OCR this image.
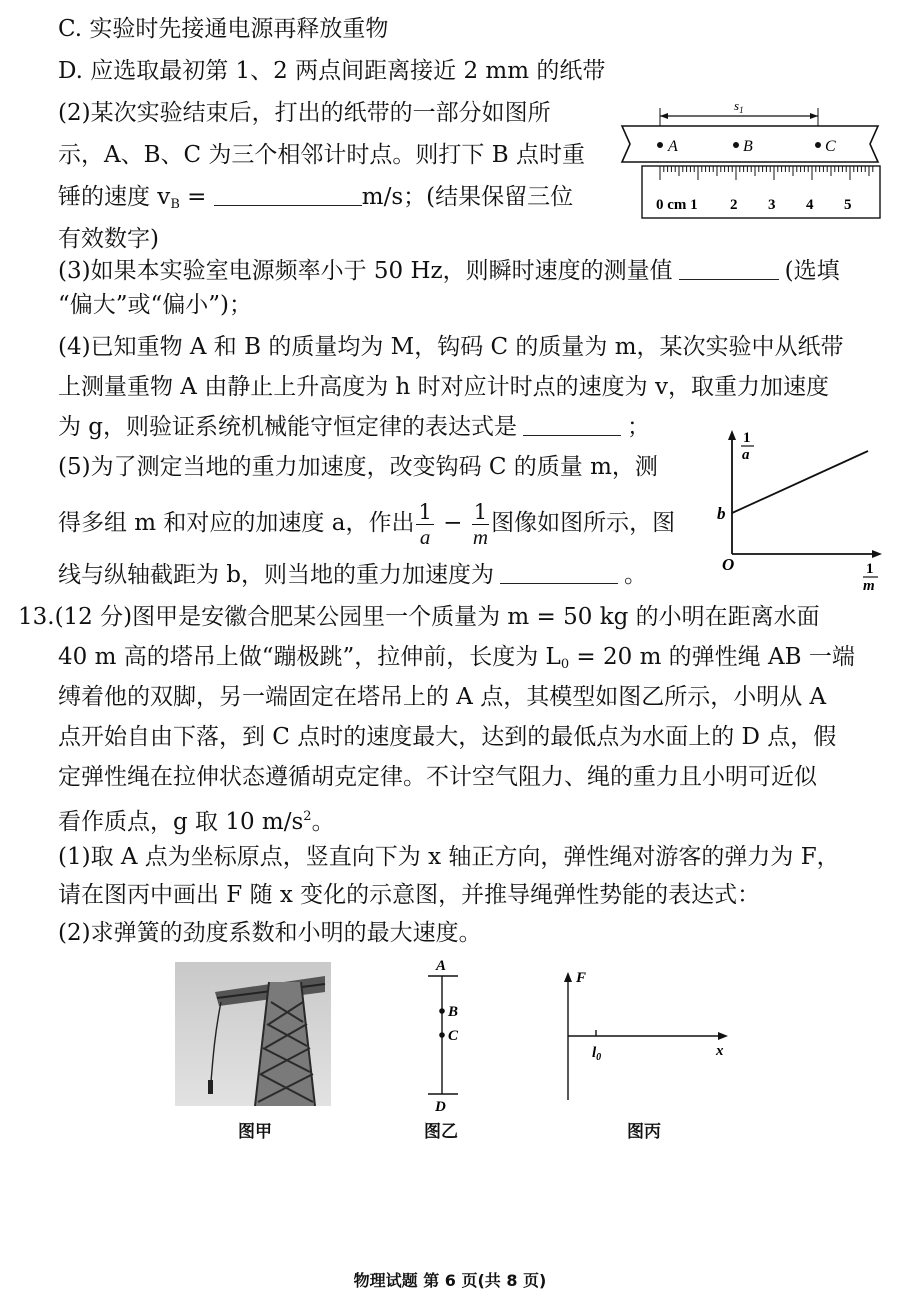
C. 实验时先接通电源再释放重物
D. 应选取最初第 1、2 两点间距离接近 2 mm 的纸带
(2)某次实验结束后，打出的纸带的一部分如图所
示，A、B、C 为三个相邻计时点。则打下 B 点时重
锤的速度 $v_B$ =	m/s；(结果保留三位
有效数字)
$s_1$
A	B	C
0 cm 1 2 3 4 5
(3)如果本实验室电源频率小于 50 Hz，则瞬时速度的测量值	(选填
“偏大”或“偏小”)；
(4)已知重物 A 和 B 的质量均为 M，钩码 C 的质量为 m，某次实验中从纸带
上测量重物 A 由静止上升高度为 h 时对应计时点的速度为 v，取重力加速度
为 g，则验证系统机械能守恒定律的表达式是	；
(5)为了测定当地的重力加速度，改变钩码 C 的质量 m，测
得多组 m 和对应的加速度 a，作出 $\frac{1}{a} - \frac{1}{m}$ 图像如图所示，图
线与纵轴截距为 b，则当地的重力加速度为	。
1
a
b
O	1
m
13.(12 分)图甲是安徽合肥某公园里一个质量为 m = 50 kg 的小明在距离水面
40 m 高的塔吊上做“蹦极跳”，拉伸前，长度为 $L_0 = 20$ m 的弹性绳 AB 一端
缚着他的双脚，另一端固定在塔吊上的 A 点，其模型如图乙所示，小明从 A
点开始自由下落，到 C 点时的速度最大，达到的最低点为水面上的 D 点，假
定弹性绳在拉伸状态遵循胡克定律。不计空气阻力、绳的重力且小明可近似
看作质点，g 取 10 $m/s^2$。
(1)取 A 点为坐标原点，竖直向下为 x 轴正方向，弹性绳对游客的弹力为 F，
请在图丙中画出 F 随 x 变化的示意图，并推导绳弹性势能的表达式：
(2)求弹簧的劲度系数和小明的最大速度。
图甲
A
B
C
D
图乙
F
x
$l_0$
图丙
物理试题 第 6 页(共 8 页)
